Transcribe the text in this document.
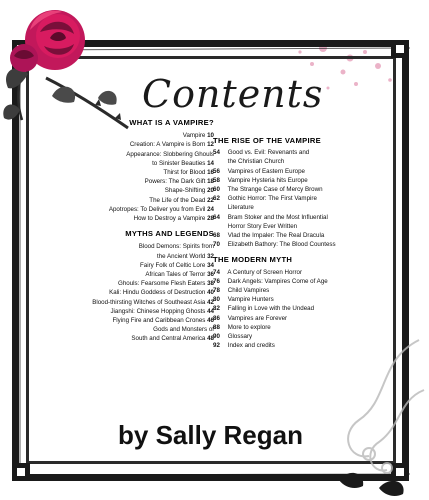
Contents
WHAT IS A VAMPIRE?
Vampire 10
Creation: A Vampire is Born 12
Appearance: Slobbering Ghouls
to Sinister Beauties 14
Thirst for Blood 16
Powers: The Dark Gift 18
Shape-Shifting 20
The Life of the Dead 22
Apotropes: To Deliver you from Evil 24
How to Destroy a Vampire 28
MYTHS AND LEGENDS
Blood Demons: Spirits from
the Ancient World 32
Fairy Folk of Celtic Lore 34
African Tales of Terror 36
Ghouls: Fearsome Flesh Eaters 38
Kali: Hindu Goddess of Destruction 40
Blood-thirsting Witches of Southeast Asia 42
Jiangshi: Chinese Hopping Ghosts 44
Flying Fire and Caribbean Crones 46
Gods and Monsters of
South and Central America 48
THE RISE OF THE VAMPIRE
54 Good vs. Evil: Revenants and
the Christian Church
56 Vampires of Eastern Europe
58 Vampire Hysteria hits Europe
60 The Strange Case of Mercy Brown
62 Gothic Horror: The First Vampire
Literature
64 Bram Stoker and the Most Influential
Horror Story Ever Written
68 Vlad the Impaler: The Real Dracula
70 Elizabeth Bathory: The Blood Countess
THE MODERN MYTH
74 A Century of Screen Horror
76 Dark Angels: Vampires Come of Age
78 Child Vampires
80 Vampire Hunters
82 Falling in Love with the Undead
86 Vampires are Forever
88 More to explore
90 Glossary
92 Index and credits
by Sally Regan
